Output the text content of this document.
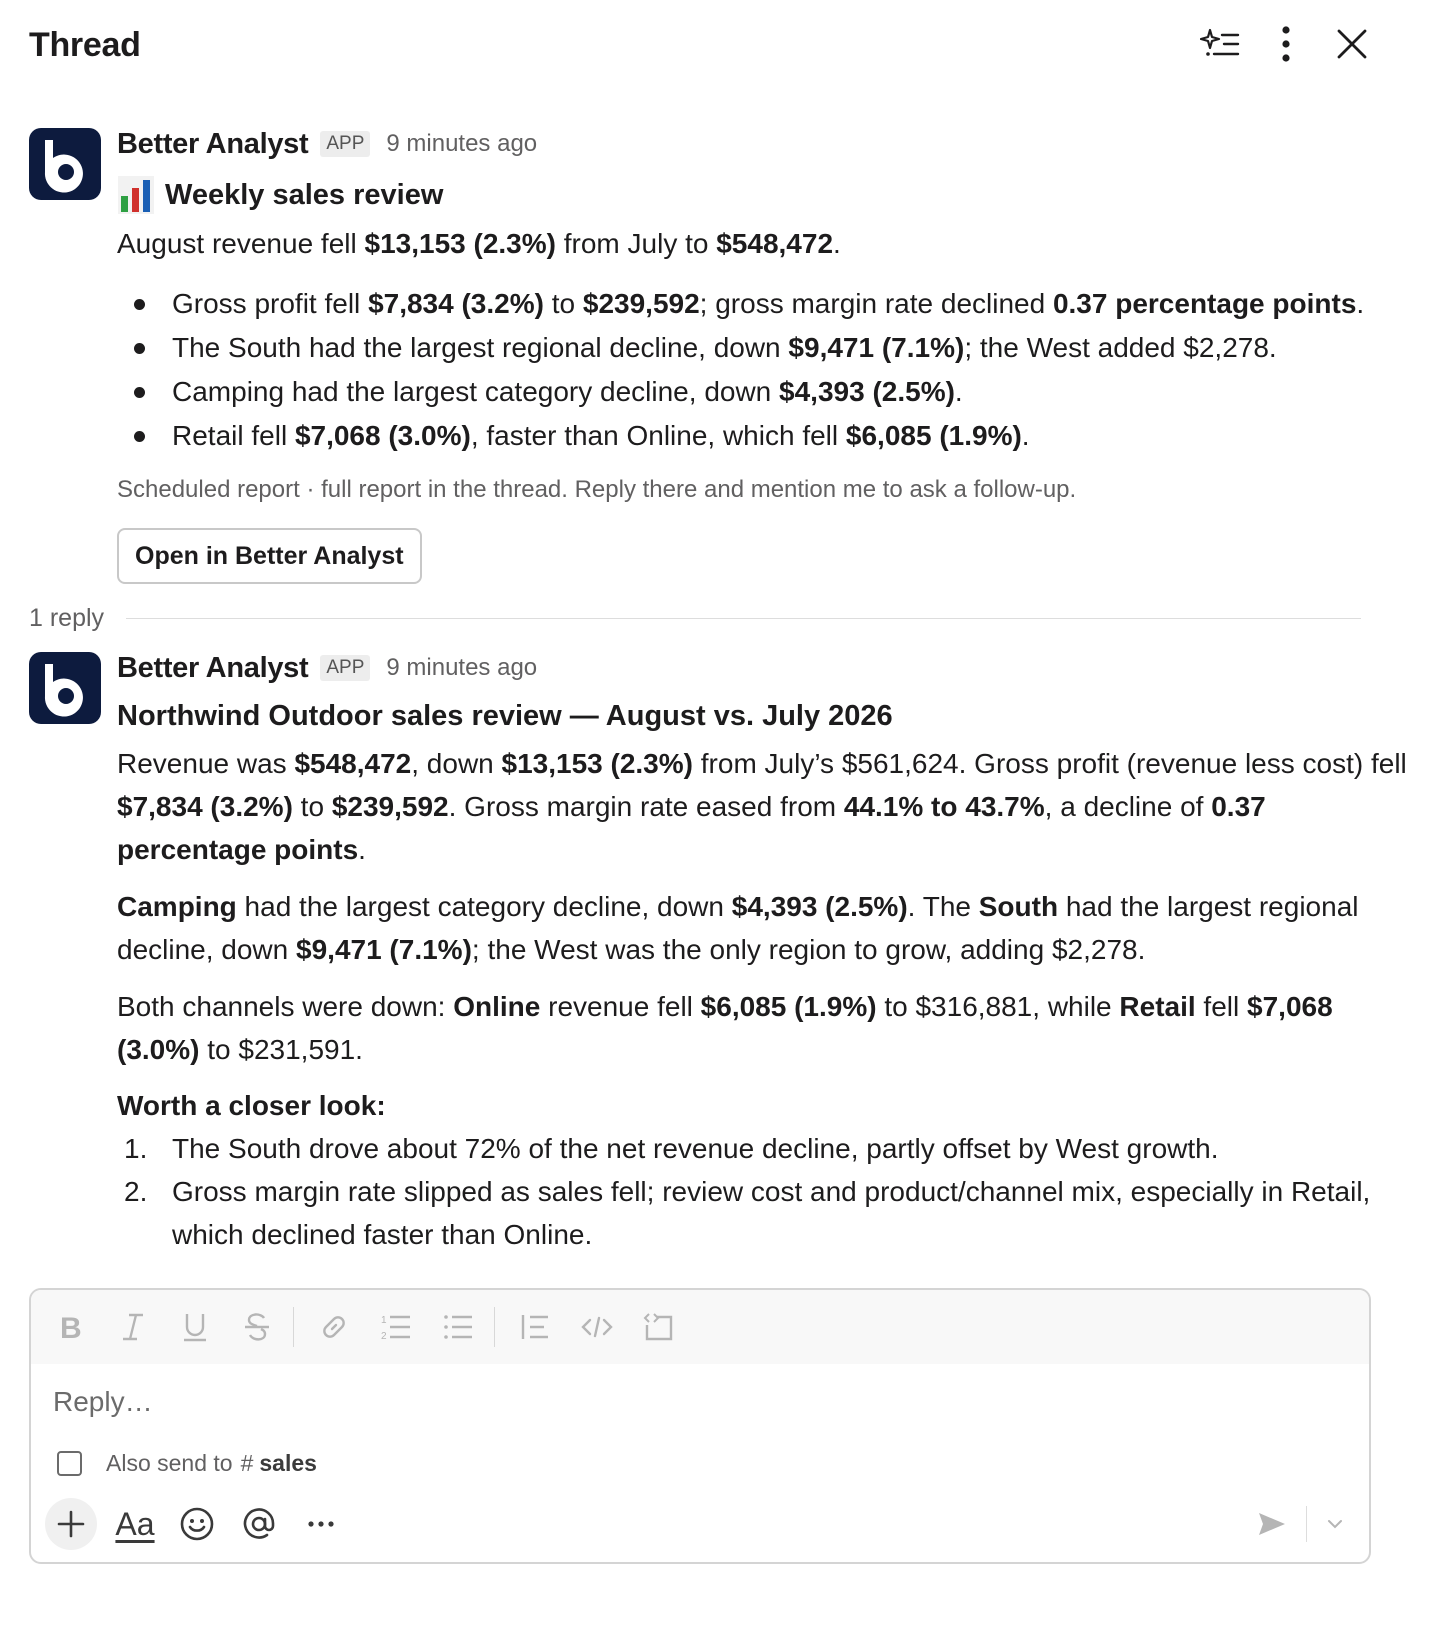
Thread
Better Analyst APP 9 minutes ago
Weekly sales review
August revenue fell $13,153 (2.3%) from July to $548,472.
Gross profit fell $7,834 (3.2%) to $239,592; gross margin rate declined 0.37 percentage points.
The South had the largest regional decline, down $9,471 (7.1%); the West added $2,278.
Camping had the largest category decline, down $4,393 (2.5%).
Retail fell $7,068 (3.0%), faster than Online, which fell $6,085 (1.9%).
Scheduled report · full report in the thread. Reply there and mention me to ask a follow-up.
Open in Better Analyst
1 reply
Better Analyst APP 9 minutes ago
Northwind Outdoor sales review — August vs. July 2026

Revenue was $548,472, down $13,153 (2.3%) from July’s $561,624. Gross profit (revenue less cost) fell $7,834 (3.2%) to $239,592. Gross margin rate eased from 44.1% to 43.7%, a decline of 0.37 percentage points.

Camping had the largest category decline, down $4,393 (2.5%). The South had the largest regional decline, down $9,471 (7.1%); the West was the only region to grow, adding $2,278.

Both channels were down: Online revenue fell $6,085 (1.9%) to $316,881, while Retail fell $7,068 (3.0%) to $231,591.

Worth a closer look:
1. The South drove about 72% of the net revenue decline, partly offset by West growth.
2. Gross margin rate slipped as sales fell; review cost and product/channel mix, especially in Retail, which declined faster than Online.
B	1
2
Reply…
Also send to # sales
Aa
